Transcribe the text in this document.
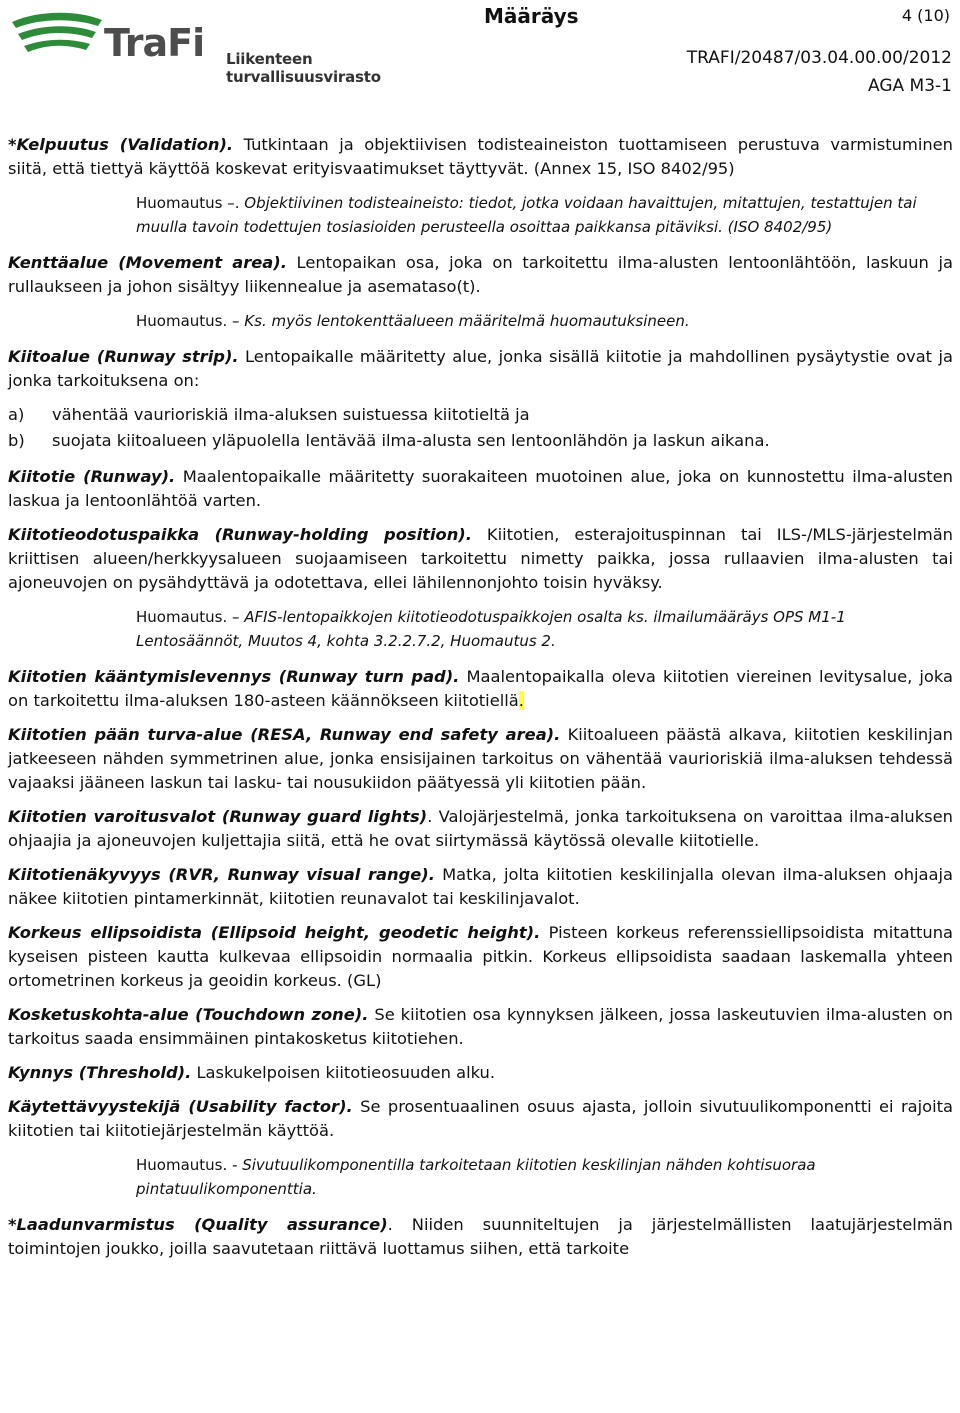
TraFi Liikenteen turvallisuusvirasto
Määräys	4 (10)
TRAFI/20487/03.04.00.00/2012
AGA M3-1

*Kelpuutus (Validation). Tutkintaan ja objektiivisen todisteaineiston tuottamiseen perustuva varmistuminen siitä, että tiettyä käyttöä koskevat erityisvaatimukset täyttyvät. (Annex 15, ISO 8402/95)

Huomautus –. Objektiivinen todisteaineisto: tiedot, jotka voidaan havaittujen, mitattujen, testattujen tai muulla tavoin todettujen tosiasioiden perusteella osoittaa paikkansa pitäviksi. (ISO 8402/95)

Kenttäalue (Movement area). Lentopaikan osa, joka on tarkoitettu ilma-alusten lentoonlähtöön, laskuun ja rullaukseen ja johon sisältyy liikennealue ja asemataso(t).

Huomautus. – Ks. myös lentokenttäalueen määritelmä huomautuksineen.

Kiitoalue (Runway strip). Lentopaikalle määritetty alue, jonka sisällä kiitotie ja mahdollinen pysäytystie ovat ja jonka tarkoituksena on:

a)	vähentää vaurioriskiä ilma-aluksen suistuessa kiitotieltä ja
b)	suojata kiitoalueen yläpuolella lentävää ilma-alusta sen lentoonlähdön ja laskun aikana.

Kiitotie (Runway). Maalentopaikalle määritetty suorakaiteen muotoinen alue, joka on kunnostettu ilma-alusten laskua ja lentoonlähtöä varten.

Kiitotieodotuspaikka (Runway-holding position). Kiitotien, esterajoituspinnan tai ILS-/MLS-järjestelmän kriittisen alueen/herkkyysalueen suojaamiseen tarkoitettu nimetty paikka, jossa rullaavien ilma-alusten tai ajoneuvojen on pysähdyttävä ja odotettava, ellei lähilennonjohto toisin hyväksy.

Huomautus. – AFIS-lentopaikkojen kiitotieodotuspaikkojen osalta ks. ilmailumääräys OPS M1-1 Lentosäännöt, Muutos 4, kohta 3.2.2.7.2, Huomautus 2.

Kiitotien kääntymislevennys (Runway turn pad). Maalentopaikalla oleva kiitotien viereinen levitysalue, joka on tarkoitettu ilma-aluksen 180-asteen käännökseen kiitotiellä.

Kiitotien pään turva-alue (RESA, Runway end safety area). Kiitoalueen päästä alkava, kiitotien keskilinjan jatkeeseen nähden symmetrinen alue, jonka ensisijainen tarkoitus on vähentää vaurioriskiä ilma-aluksen tehdessä vajaaksi jääneen laskun tai lasku- tai nousukiidon päätyessä yli kiitotien pään.

Kiitotien varoitusvalot (Runway guard lights). Valojärjestelmä, jonka tarkoituksena on varoittaa ilma-aluksen ohjaajia ja ajoneuvojen kuljettajia siitä, että he ovat siirtymässä käytössä olevalle kiitotielle.

Kiitotienäkyvyys (RVR, Runway visual range). Matka, jolta kiitotien keskilinjalla olevan ilma-aluksen ohjaaja näkee kiitotien pintamerkinnät, kiitotien reunavalot tai keskilinjavalot.

Korkeus ellipsoidista (Ellipsoid height, geodetic height). Pisteen korkeus referenssiellipsoidista mitattuna kyseisen pisteen kautta kulkevaa ellipsoidin normaalia pitkin. Korkeus ellipsoidista saadaan laskemalla yhteen ortometrinen korkeus ja geoidin korkeus. (GL)

Kosketuskohta-alue (Touchdown zone). Se kiitotien osa kynnyksen jälkeen, jossa laskeutuvien ilma-alusten on tarkoitus saada ensimmäinen pintakosketus kiitotiehen.

Kynnys (Threshold). Laskukelpoisen kiitotieosuuden alku.

Käytettävyystekijä (Usability factor). Se prosentuaalinen osuus ajasta, jolloin sivutuulikomponentti ei rajoita kiitotien tai kiitotiejärjestelmän käyttöä.

Huomautus. - Sivutuulikomponentilla tarkoitetaan kiitotien keskilinjan nähden kohtisuoraa pintatuulikomponenttia.

*Laadunvarmistus (Quality assurance). Niiden suunniteltujen ja järjestelmällisten laatujärjestelmän toimintojen joukko, joilla saavutetaan riittävä luottamus siihen, että tarkoite
